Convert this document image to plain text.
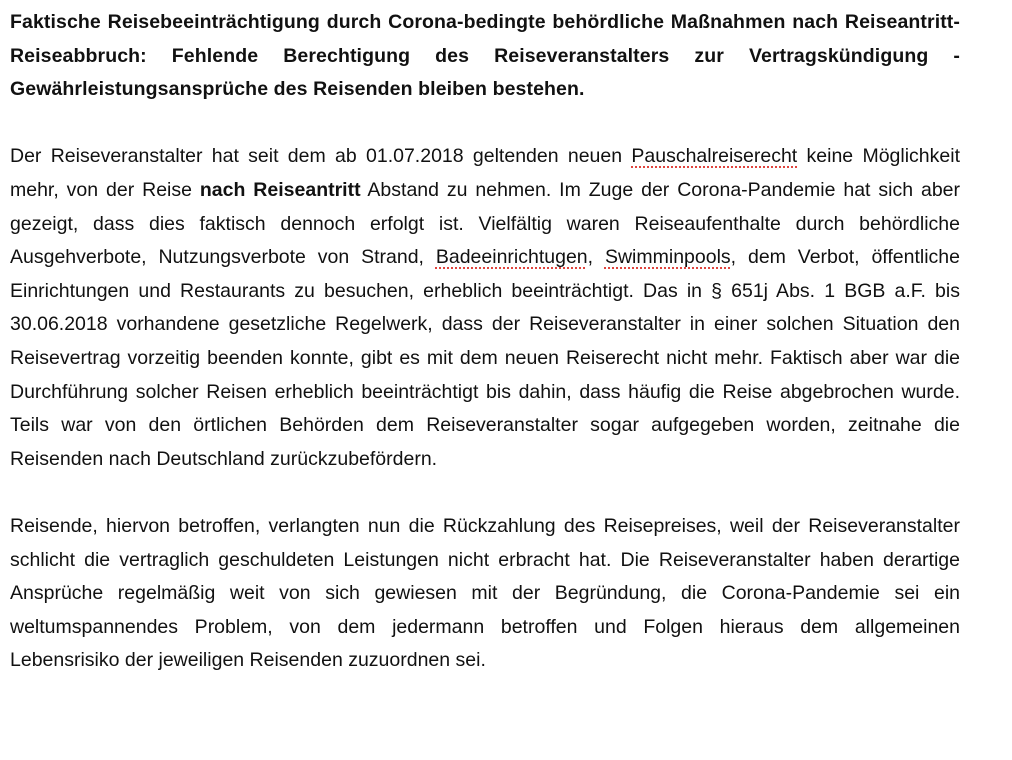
Faktische Reisebeeinträchtigung durch Corona-bedingte behördliche Maßnahmen nach Reiseantritt-Reiseabbruch: Fehlende Berechtigung des Reiseveranstalters zur Vertragskündigung - Gewährleistungsansprüche des Reisenden bleiben bestehen.

Der Reiseveranstalter hat seit dem ab 01.07.2018 geltenden neuen Pauschalreiserecht keine Möglichkeit mehr, von der Reise nach Reiseantritt Abstand zu nehmen. Im Zuge der Corona-Pandemie hat sich aber gezeigt, dass dies faktisch dennoch erfolgt ist. Vielfältig waren Reiseaufenthalte durch behördliche Ausgehverbote, Nutzungsverbote von Strand, Badeeinrichtugen, Swimminpools, dem Verbot, öffentliche Einrichtungen und Restaurants zu besuchen, erheblich beeinträchtigt. Das in § 651j Abs. 1 BGB a.F. bis 30.06.2018 vorhandene gesetzliche Regelwerk, dass der Reiseveranstalter in einer solchen Situation den Reisevertrag vorzeitig beenden konnte, gibt es mit dem neuen Reiserecht nicht mehr. Faktisch aber war die Durchführung solcher Reisen erheblich beeinträchtigt bis dahin, dass häufig die Reise abgebrochen wurde. Teils war von den örtlichen Behörden dem Reiseveranstalter sogar aufgegeben worden, zeitnahe die Reisenden nach Deutschland zurückzubefördern.

Reisende, hiervon betroffen, verlangten nun die Rückzahlung des Reisepreises, weil der Reiseveranstalter schlicht die vertraglich geschuldeten Leistungen nicht erbracht hat. Die Reiseveranstalter haben derartige Ansprüche regelmäßig weit von sich gewiesen mit der Begründung, die Corona-Pandemie sei ein weltumspannendes Problem, von dem jedermann betroffen und Folgen hieraus dem allgemeinen Lebensrisiko der jeweiligen Reisenden zuzuordnen sei.
